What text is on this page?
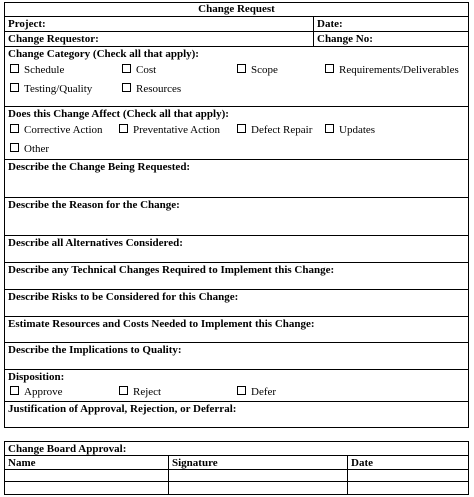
Change Request
Project:	Date:
Change Requestor:	Change No:
Change Category (Check all that apply):
Schedule	Cost	Scope	Requirements/Deliverables
Testing/Quality	Resources
Does this Change Affect (Check all that apply):
Corrective Action	Preventative Action	Defect Repair	Updates
Other
Describe the Change Being Requested:
Describe the Reason for the Change:
Describe all Alternatives Considered:
Describe any Technical Changes Required to Implement this Change:
Describe Risks to be Considered for this Change:
Estimate Resources and Costs Needed to Implement this Change:
Describe the Implications to Quality:
Disposition:
Approve	Reject	Defer
Justification of Approval, Rejection, or Deferral:
Change Board Approval:
Name	Signature	Date
